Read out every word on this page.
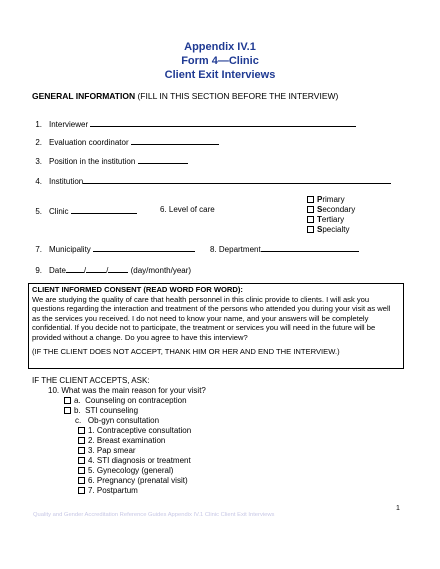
Appendix IV.1
Form 4—Clinic
Client Exit Interviews
GENERAL INFORMATION (FILL IN THIS SECTION BEFORE THE INTERVIEW)
1. Interviewer
2. Evaluation coordinator
3. Position in the institution
4. Institution
5. Clinic	6. Level of care
Primary
Secondary
Tertiary
Specialty
7. Municipality	8. Department
9. Date /	/	(day/month/year)
CLIENT INFORMED CONSENT (READ WORD FOR WORD):
We are studying the quality of care that health personnel in this clinic provide to clients. I will ask you questions regarding the interaction and treatment of the persons who attended you during your visit as well as the services you received. I do not need to know your name, and your answers will be completely confidential. If you decide not to participate, the treatment or services you will need in the future will be provided without a change. Do you agree to have this interview?
(IF THE CLIENT DOES NOT ACCEPT, THANK HIM OR HER AND END THE INTERVIEW.)
IF THE CLIENT ACCEPTS, ASK:
10. What was the main reason for your visit?
a. Counseling on contraception
b. STI counseling
c. Ob-gyn consultation
1. Contraceptive consultation
2. Breast examination
3. Pap smear
4. STI diagnosis or treatment
5. Gynecology (general)
6. Pregnancy (prenatal visit)
7. Postpartum
1
Quality and Gender Accreditation Reference Guides Appendix IV.1 Clinic Client Exit Interviews
